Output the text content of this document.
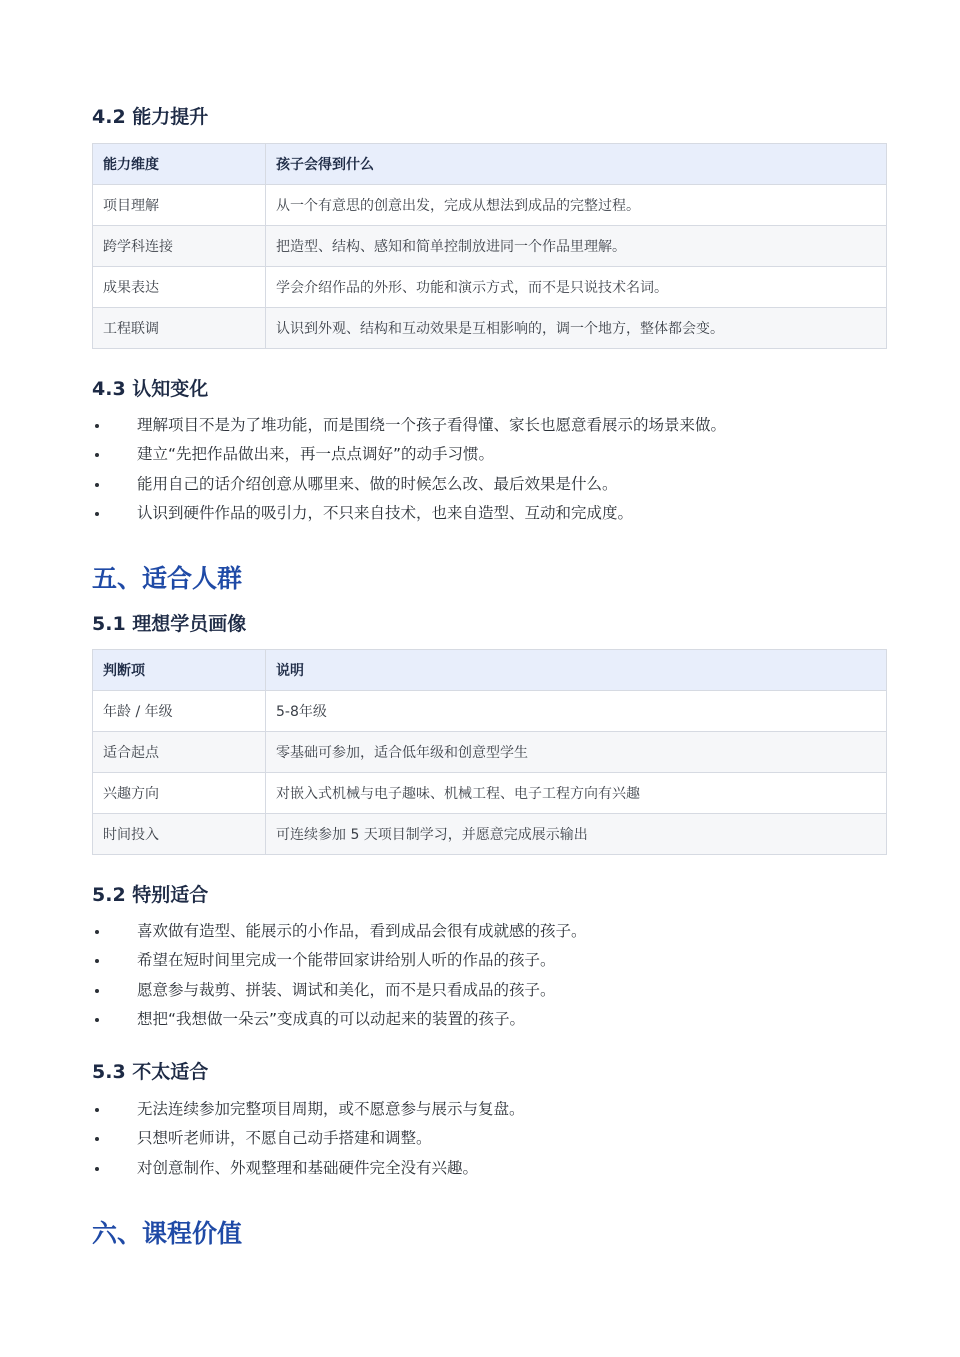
4.2 能力提升
能力维度	孩子会得到什么
项目理解	从一个有意思的创意出发，完成从想法到成品的完整过程。
跨学科连接	把造型、结构、感知和简单控制放进同一个作品里理解。
成果表达	学会介绍作品的外形、功能和演示方式，而不是只说技术名词。
工程联调	认识到外观、结构和互动效果是互相影响的，调一个地方，整体都会变。
4.3 认知变化
理解项目不是为了堆功能，而是围绕一个孩子看得懂、家长也愿意看展示的场景来做。
建立“先把作品做出来，再一点点调好”的动手习惯。
能用自己的话介绍创意从哪里来、做的时候怎么改、最后效果是什么。
认识到硬件作品的吸引力，不只来自技术，也来自造型、互动和完成度。
五、适合人群
5.1 理想学员画像
判断项	说明
年龄 / 年级	5-8年级
适合起点	零基础可参加，适合低年级和创意型学生
兴趣方向	对嵌入式机械与电子趣味、机械工程、电子工程方向有兴趣
时间投入	可连续参加 5 天项目制学习，并愿意完成展示输出
5.2 特别适合
喜欢做有造型、能展示的小作品，看到成品会很有成就感的孩子。
希望在短时间里完成一个能带回家讲给别人听的作品的孩子。
愿意参与裁剪、拼装、调试和美化，而不是只看成品的孩子。
想把“我想做一朵云”变成真的可以动起来的装置的孩子。
5.3 不太适合
无法连续参加完整项目周期，或不愿意参与展示与复盘。
只想听老师讲，不愿自己动手搭建和调整。
对创意制作、外观整理和基础硬件完全没有兴趣。
六、课程价值
